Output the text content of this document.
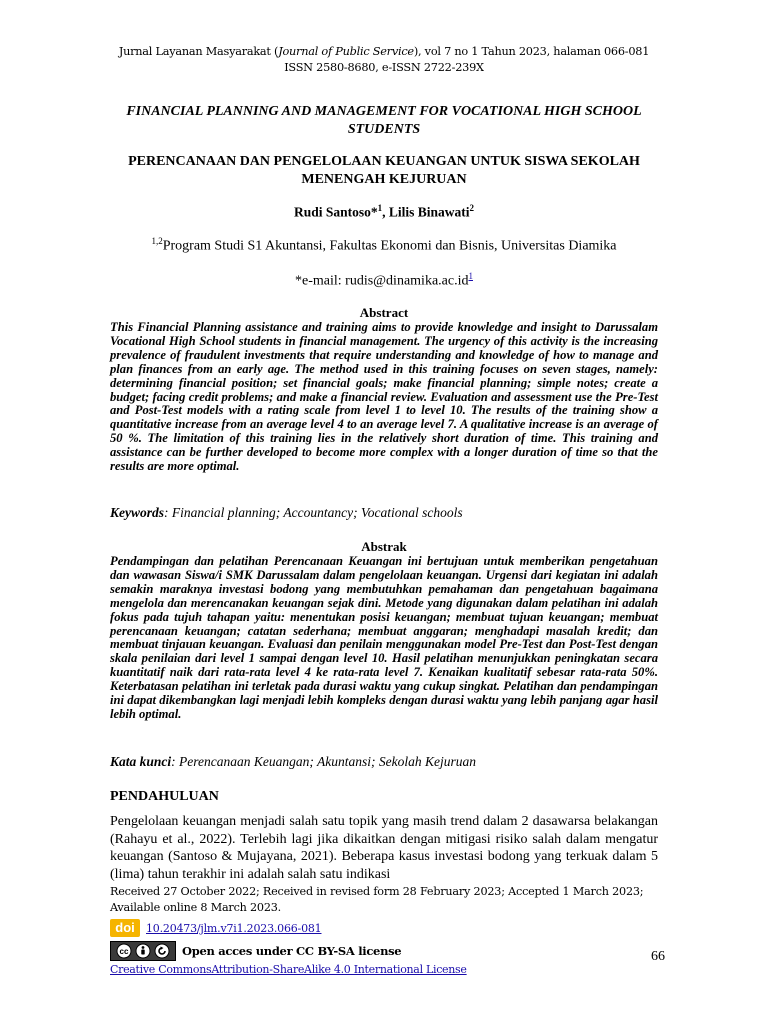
Jurnal Layanan Masyarakat (Journal of Public Service), vol 7 no 1 Tahun 2023, halaman 066-081
ISSN 2580-8680, e-ISSN 2722-239X
FINANCIAL PLANNING AND MANAGEMENT FOR VOCATIONAL HIGH SCHOOL STUDENTS
PERENCANAAN DAN PENGELOLAAN KEUANGAN UNTUK SISWA SEKOLAH MENENGAH KEJURUAN
Rudi Santoso*$^1$, Lilis Binawati$^2$
$^{1,2}$Program Studi S1 Akuntansi, Fakultas Ekonomi dan Bisnis, Universitas Diamika
*e-mail: rudis@dinamika.ac.id$^1$
Abstract

This Financial Planning assistance and training aims to provide knowledge and insight to Darussalam Vocational High School students in financial management. The urgency of this activity is the increasing prevalence of fraudulent investments that require understanding and knowledge of how to manage and plan finances from an early age. The method used in this training focuses on seven stages, namely: determining financial position; set financial goals; make financial planning; simple notes; create a budget; facing credit problems; and make a financial review. Evaluation and assessment use the Pre-Test and Post-Test models with a rating scale from level 1 to level 10. The results of the training show a quantitative increase from an average level 4 to an average level 7. A qualitative increase is an average of 50 %. The limitation of this training lies in the relatively short duration of time. This training and assistance can be further developed to become more complex with a longer duration of time so that the results are more optimal.

Keywords: Financial planning; Accountancy; Vocational schools
Abstrak

Pendampingan dan pelatihan Perencanaan Keuangan ini bertujuan untuk memberikan pengetahuan dan wawasan Siswa/i SMK Darussalam dalam pengelolaan keuangan. Urgensi dari kegiatan ini adalah semakin maraknya investasi bodong yang membutuhkan pemahaman dan pengetahuan bagaimana mengelola dan merencanakan keuangan sejak dini. Metode yang digunakan dalam pelatihan ini adalah fokus pada tujuh tahapan yaitu: menentukan posisi keuangan; membuat tujuan keuangan; membuat perencanaan keuangan; catatan sederhana; membuat anggaran; menghadapi masalah kredit; dan membuat tinjauan keuangan. Evaluasi dan penilain menggunakan model Pre-Test dan Post-Test dengan skala penilaian dari level 1 sampai dengan level 10. Hasil pelatihan menunjukkan peningkatan secara kuantitatif naik dari rata-rata level 4 ke rata-rata level 7. Kenaikan kualitatif sebesar rata-rata 50%. Keterbatasan pelatihan ini terletak pada durasi waktu yang cukup singkat. Pelatihan dan pendampingan ini dapat dikembangkan lagi menjadi lebih kompleks dengan durasi waktu yang lebih panjang agar hasil lebih optimal.

Kata kunci: Perencanaan Keuangan; Akuntansi; Sekolah Kejuruan
PENDAHULUAN

Pengelolaan keuangan menjadi salah satu topik yang masih trend dalam 2 dasawarsa belakangan (Rahayu et al., 2022). Terlebih lagi jika dikaitkan dengan mitigasi risiko salah dalam mengatur keuangan (Santoso & Mujayana, 2021). Beberapa kasus investasi bodong yang terkuak dalam 5 (lima) tahun terakhir ini adalah salah satu indikasi

Received 27 October 2022; Received in revised form 28 February 2023; Accepted 1 March 2023; Available online 8 March 2023.
doi	10.20473/jlm.v7i1.2023.066-081
cc	Open acces under CC BY-SA license
Creative CommonsAttribution-ShareAlike 4.0 International License
66
